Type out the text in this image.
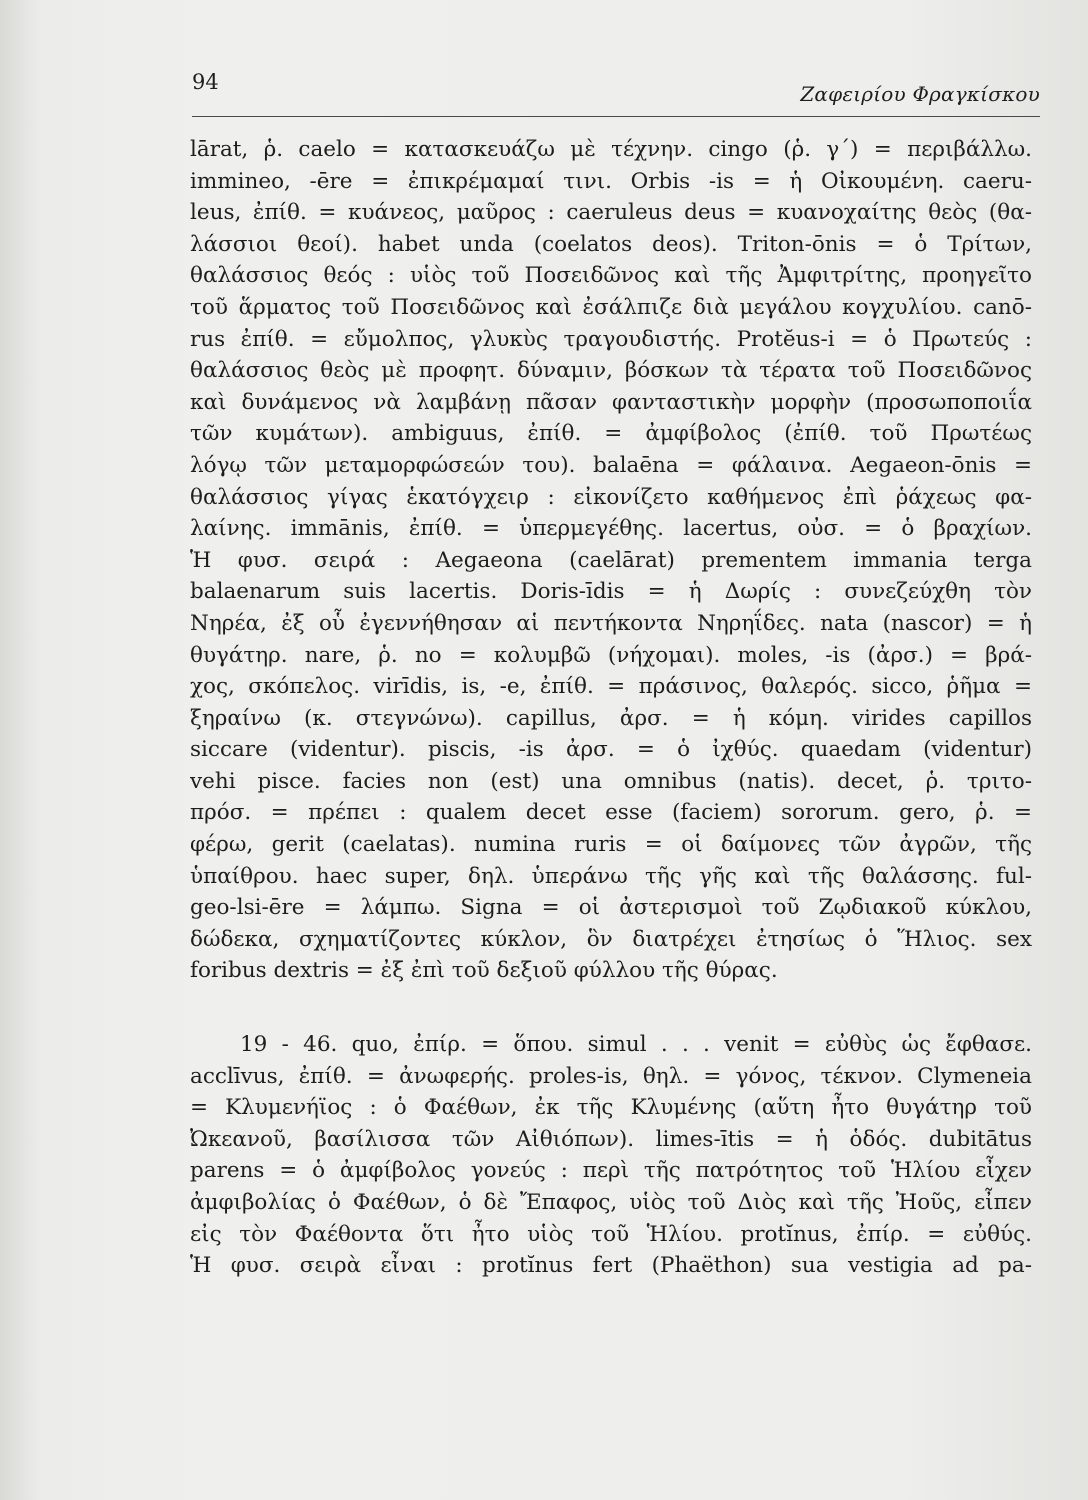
94	Ζαφειρίου Φραγκίσκου

lārat, ῥ. caelo = κατασκευάζω μὲ τέχνην. cingo (ῥ. γ΄) = περιβάλλω.

immineo, -ēre = ἐπικρέμαμαί τινι. Orbis -is = ἡ Οἰκουμένη. caeru-

leus, ἐπίθ. = κυάνεος, μαῦρος : caeruleus deus = κυανοχαίτης θεὸς (θα-

λάσσιοι θεοί). habet unda (coelatos deos). Triton-ōnis = ὁ Τρίτων,

θαλάσσιος θεός : υἱὸς τοῦ Ποσειδῶνος καὶ τῆς Ἀμφιτρίτης, προηγεῖτο

τοῦ ἅρματος τοῦ Ποσειδῶνος καὶ ἐσάλπιζε διὰ μεγάλου κογχυλίου. canō-

rus ἐπίθ. = εὔμολπος, γλυκὺς τραγουδιστής. Protĕus-i = ὁ Πρωτεύς :

θαλάσσιος θεὸς μὲ προφητ. δύναμιν, βόσκων τὰ τέρατα τοῦ Ποσειδῶνος

καὶ δυνάμενος νὰ λαμβάνῃ πᾶσαν φανταστικὴν μορφὴν (προσωποποιΐα

τῶν κυμάτων). ambiguus, ἐπίθ. = ἀμφίβολος (ἐπίθ. τοῦ Πρωτέως

λόγῳ τῶν μεταμορφώσεών του). balaēna = φάλαινα. Aegaeon-ōnis =

θαλάσσιος γίγας ἑκατόγχειρ : εἰκονίζετο καθήμενος ἐπὶ ῥάχεως φα-

λαίνης. immānis, ἐπίθ. = ὑπερμεγέθης. lacertus, οὐσ. = ὁ βραχίων.

Ἡ φυσ. σειρά : Aegaeona (caelārat) prementem immania terga

balaenarum suis lacertis. Doris-īdis = ἡ Δωρίς : συνεζεύχθη τὸν

Νηρέα, ἐξ οὗ ἐγεννήθησαν αἱ πεντήκοντα Νηρηΐδες. nata (nascor) = ἡ

θυγάτηρ. nare, ῥ. no = κολυμβῶ (νήχομαι). moles, -is (ἀρσ.) = βρά-

χος, σκόπελος. virīdis, is, -e, ἐπίθ. = πράσινος, θαλερός. sicco, ῥῆμα =

ξηραίνω (κ. στεγνώνω). capillus, ἀρσ. = ἡ κόμη. virides capillos

siccare (videntur). piscis, -is ἀρσ. = ὁ ἰχθύς. quaedam (videntur)

vehi pisce. facies non (est) una omnibus (natis). decet, ῥ. τριτο-

πρόσ. = πρέπει : qualem decet esse (faciem) sororum. gero, ῥ. =

φέρω, gerit (caelatas). numina ruris = οἱ δαίμονες τῶν ἀγρῶν, τῆς

ὑπαίθρου. haec super, δηλ. ὑπεράνω τῆς γῆς καὶ τῆς θαλάσσης. ful-

geo-lsi-ēre = λάμπω. Signa = οἱ ἀστερισμοὶ τοῦ Ζῳδιακοῦ κύκλου,

δώδεκα, σχηματίζοντες κύκλον, ὃν διατρέχει ἐτησίως ὁ Ἥλιος. sex

foribus dextris = ἐξ ἐπὶ τοῦ δεξιοῦ φύλλου τῆς θύρας.

19 - 46. quo, ἐπίρ. = ὅπου. simul . . . venit = εὐθὺς ὡς ἔφθασε.

acclīvus, ἐπίθ. = ἀνωφερής. proles-is, θηλ. = γόνος, τέκνον. Clymeneia

= Κλυμενήϊος : ὁ Φαέθων, ἐκ τῆς Κλυμένης (αὕτη ἦτο θυγάτηρ τοῦ

Ὠκεανοῦ, βασίλισσα τῶν Αἰθιόπων). limes-ītis = ἡ ὁδός. dubitātus

parens = ὁ ἀμφίβολος γονεύς : περὶ τῆς πατρότητος τοῦ Ἡλίου εἶχεν

ἀμφιβολίας ὁ Φαέθων, ὁ δὲ Ἔπαφος, υἱὸς τοῦ Διὸς καὶ τῆς Ἠοῦς, εἶπεν

εἰς τὸν Φαέθοντα ὅτι ἦτο υἱὸς τοῦ Ἡλίου. protĭnus, ἐπίρ. = εὐθύς.

Ἡ φυσ. σειρὰ εἶναι : protĭnus fert (Phaëthon) sua vestigia ad pa-
